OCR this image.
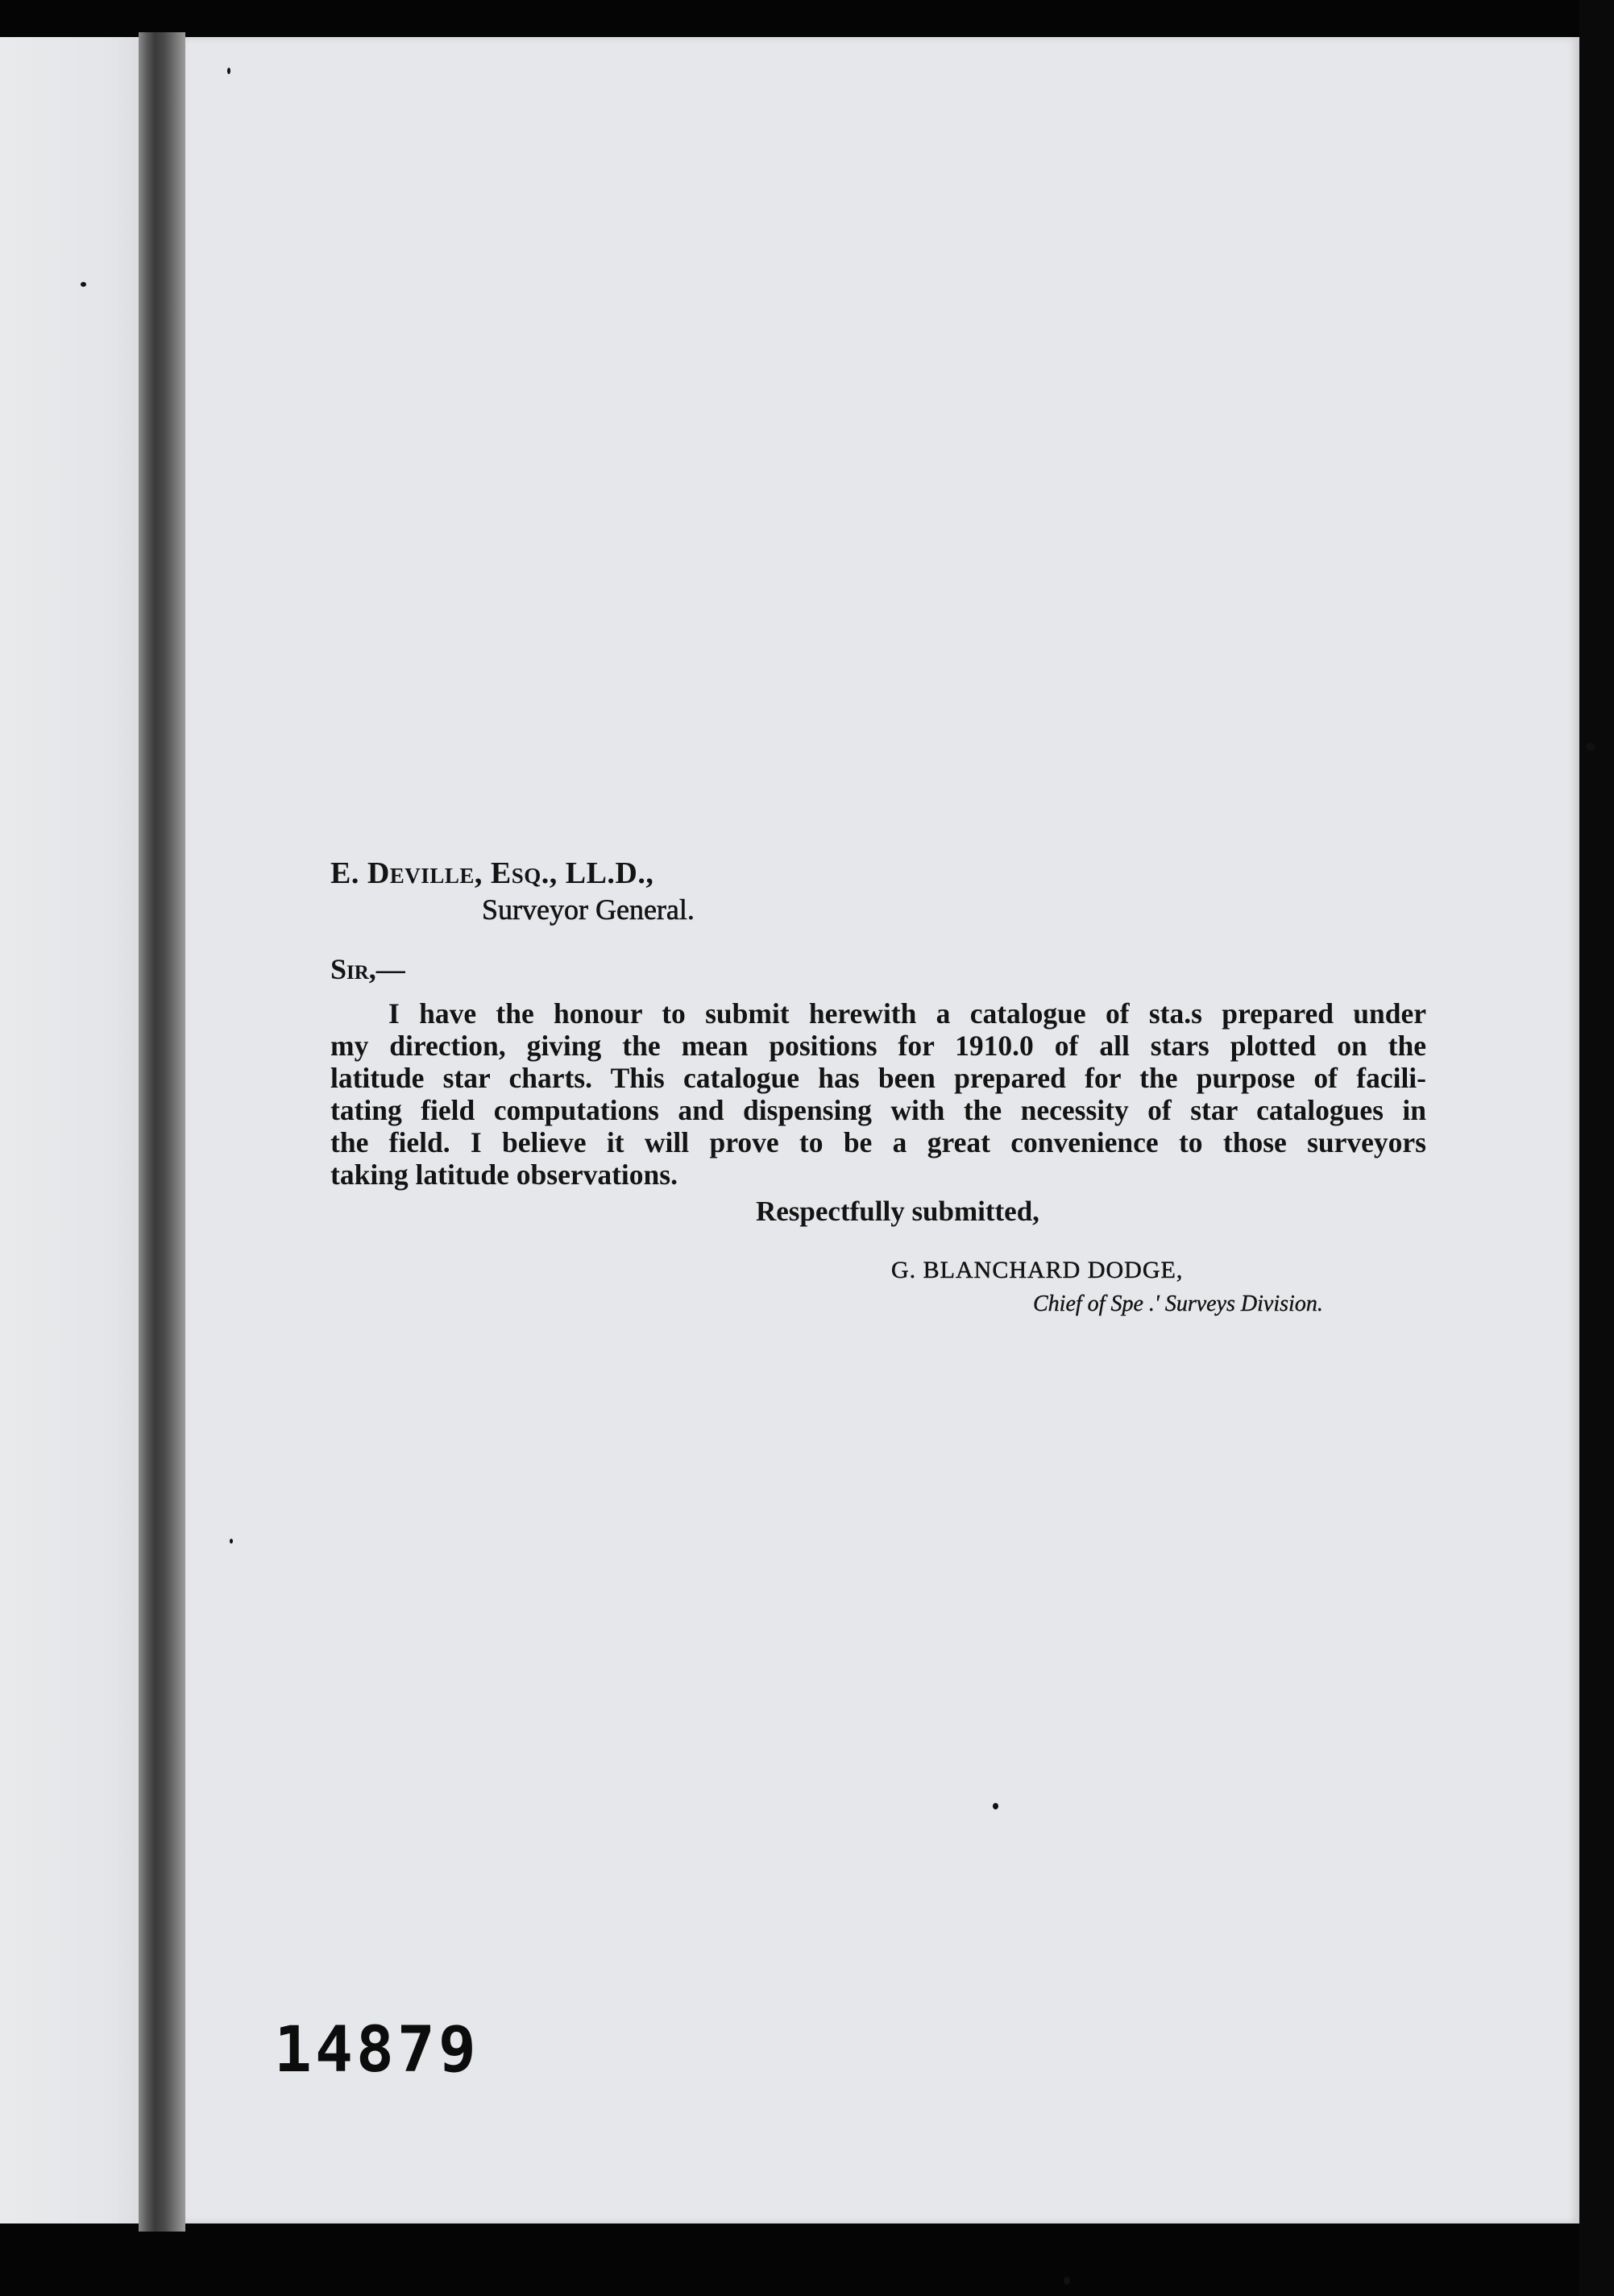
E. Deville, Esq., LL.D.,
Surveyor General.
Sir,—
I have the honour to submit herewith a catalogue of sta.s prepared under
my direction, giving the mean positions for 1910.0 of all stars plotted on the
latitude star charts. This catalogue has been prepared for the purpose of facili-
tating field computations and dispensing with the necessity of star catalogues in
the field. I believe it will prove to be a great convenience to those surveyors
taking latitude observations.
Respectfully submitted,
G. BLANCHARD DODGE,
Chief of Spe .' Surveys Division.
14879
